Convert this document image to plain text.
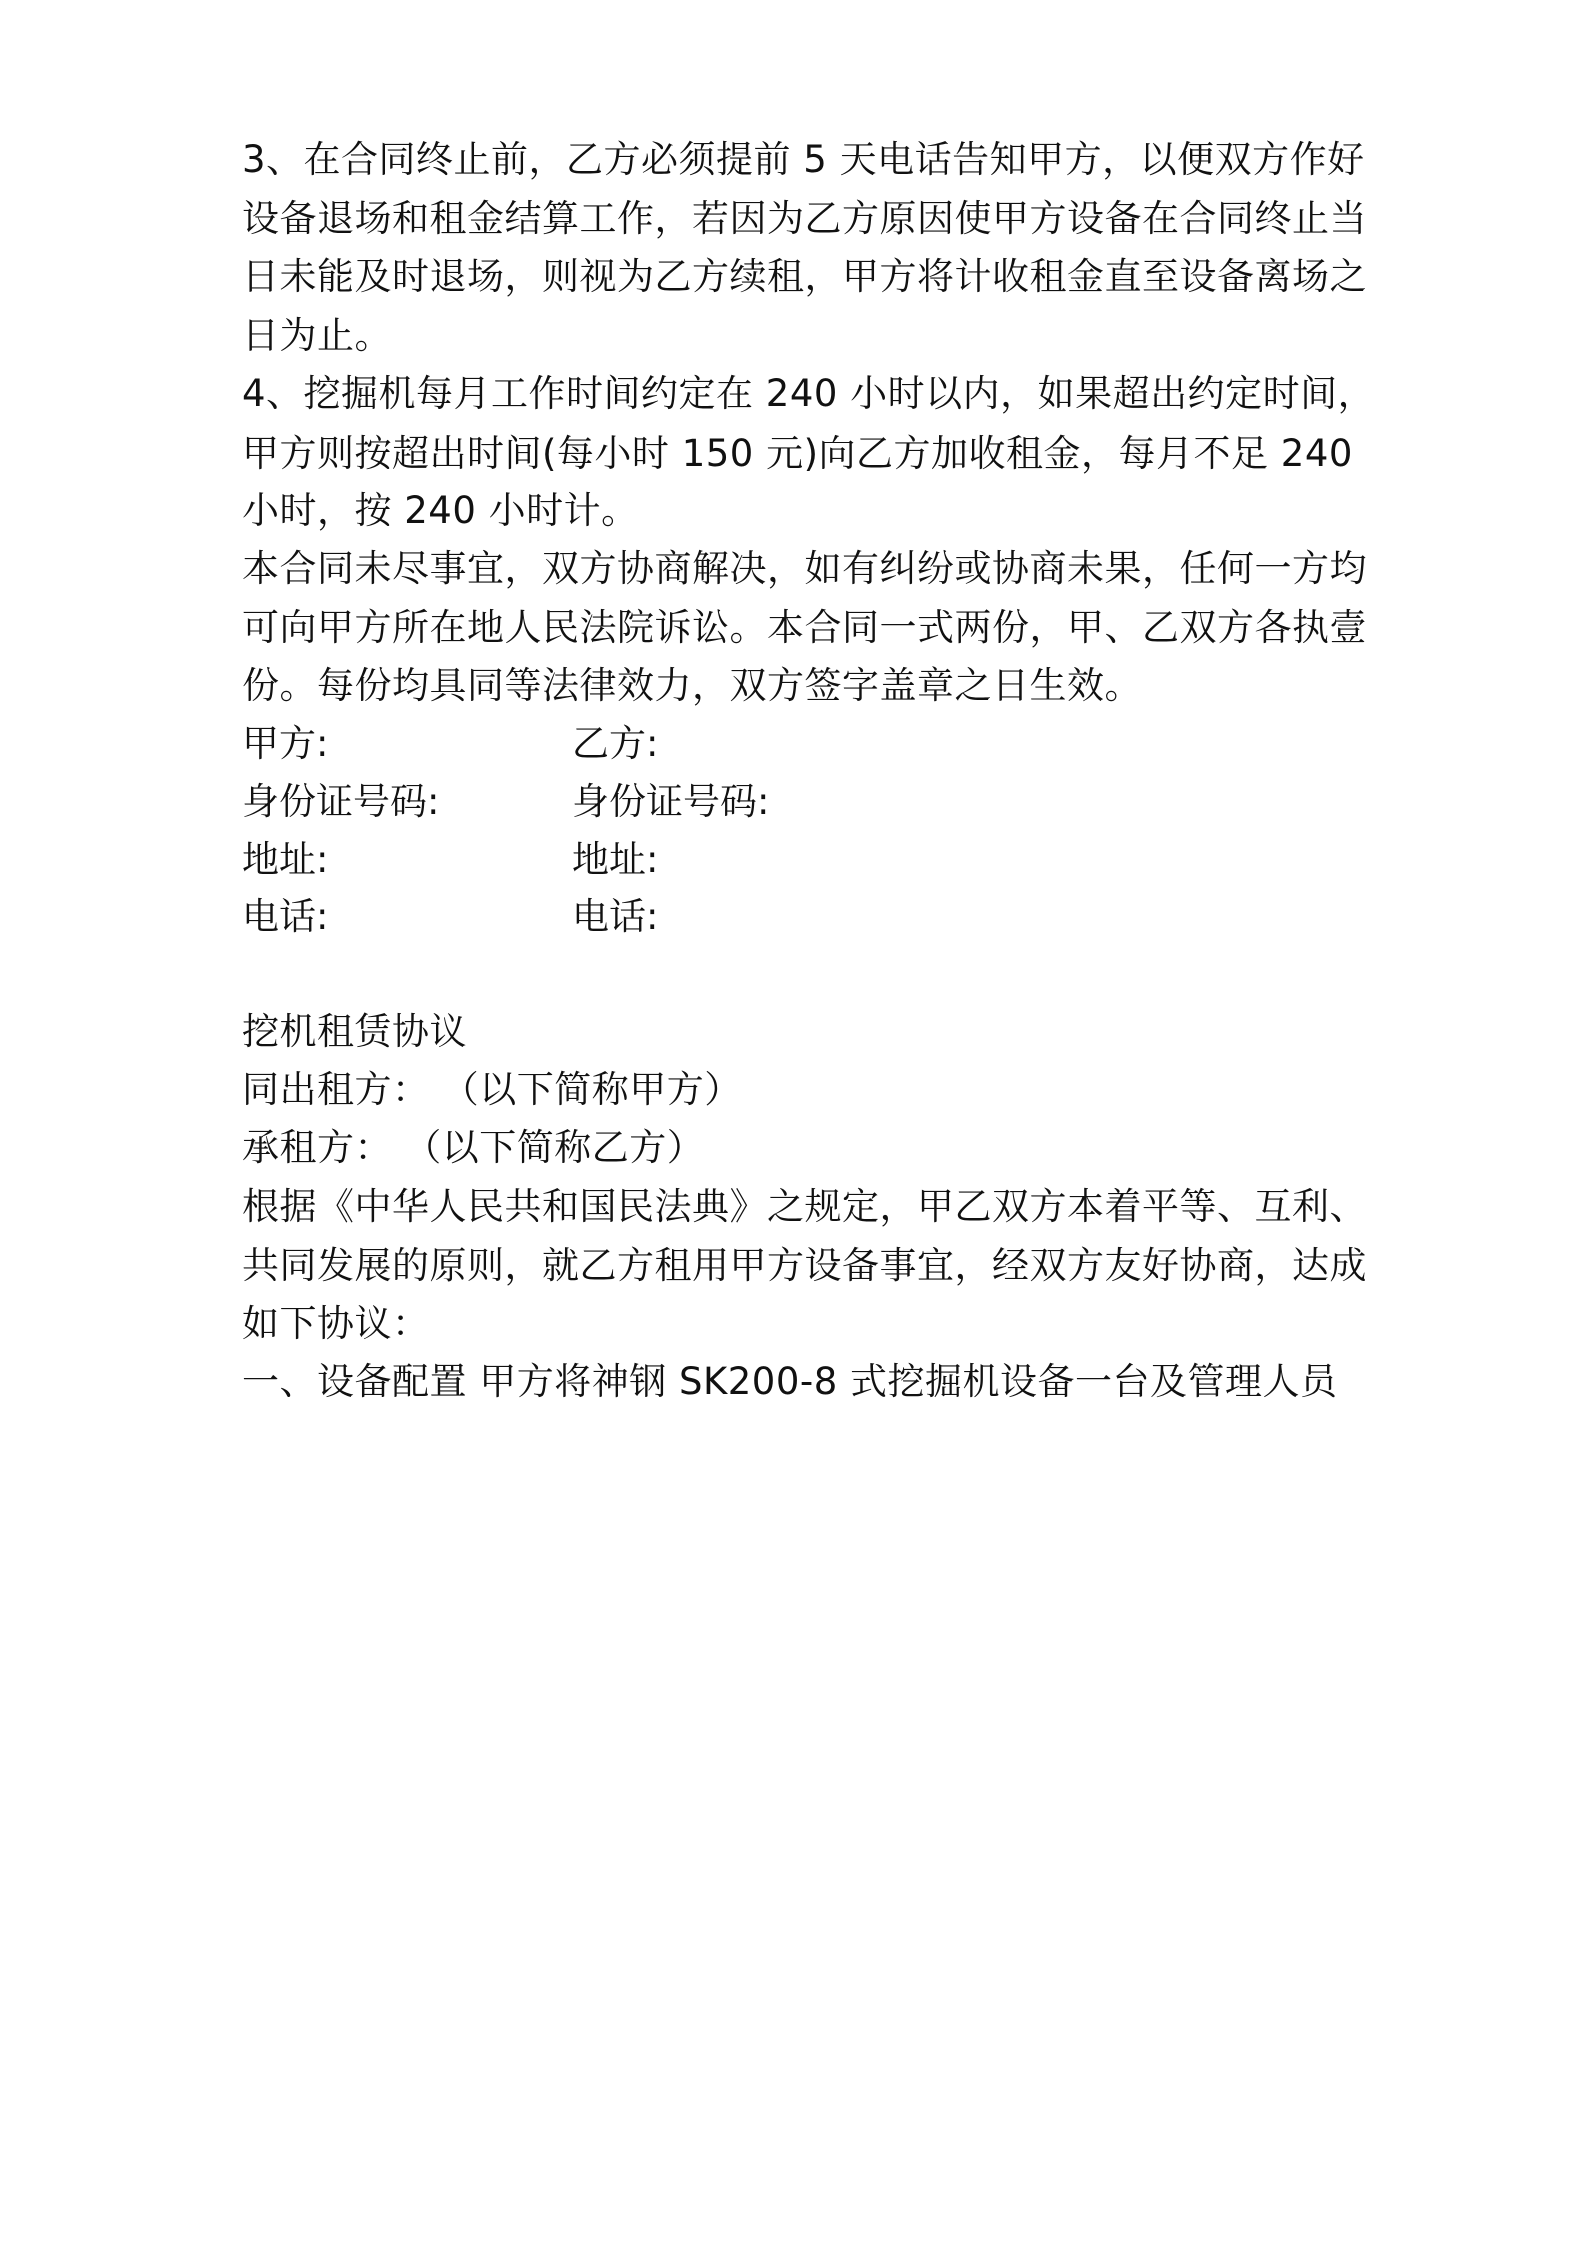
3、在合同终止前，乙方必须提前 5 天电话告知甲方，以便双方作好
设备退场和租金结算工作，若因为乙方原因使甲方设备在合同终止当
日未能及时退场，则视为乙方续租，甲方将计收租金直至设备离场之
日为止。
4、挖掘机每月工作时间约定在 240 小时以内，如果超出约定时间，
甲方则按超出时间(每小时 150 元)向乙方加收租金，每月不足 240
小时，按 240 小时计。
本合同未尽事宜，双方协商解决，如有纠纷或协商未果，任何一方均
可向甲方所在地人民法院诉讼。本合同一式两份，甲、乙双方各执壹
份。每份均具同等法律效力，双方签字盖章之日生效。
甲方:	乙方:
身份证号码:	身份证号码:
地址:	地址:
电话:	电话:
挖机租赁协议
同出租方： （以下简称甲方）
承租方： （以下简称乙方）
根据《中华人民共和国民法典》之规定，甲乙双方本着平等、互利、
共同发展的原则，就乙方租用甲方设备事宜，经双方友好协商，达成
如下协议：
一、设备配置 甲方将神钢 SK200-8 式挖掘机设备一台及管理人员
